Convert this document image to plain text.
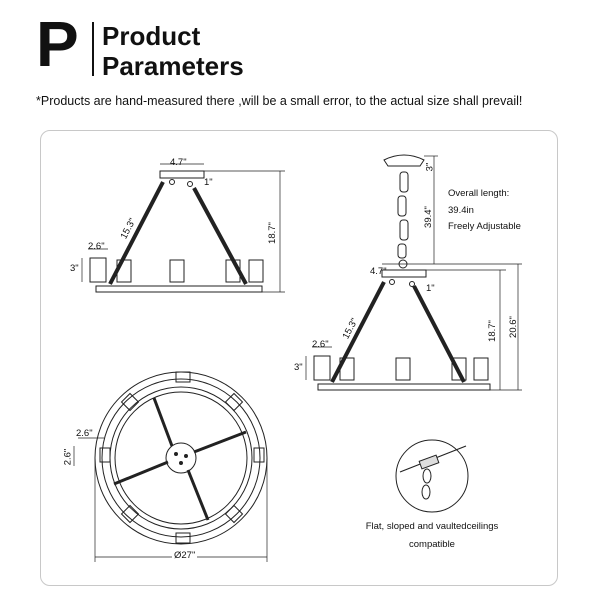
P Product
Parameters
*Products are hand-measured there ,will be a small error, to the actual size shall prevail!
4.7"
1"
15.3"
2.6"
3"
18.7"
3"
39.4"
4.7"
1"
15.3"	18.7" 20.6"
2.6"
3"
2.6"
2.6"
Ø27"
Overall length:
39.4in
Freely Adjustable
Flat, sloped and vaultedceilings
compatible
